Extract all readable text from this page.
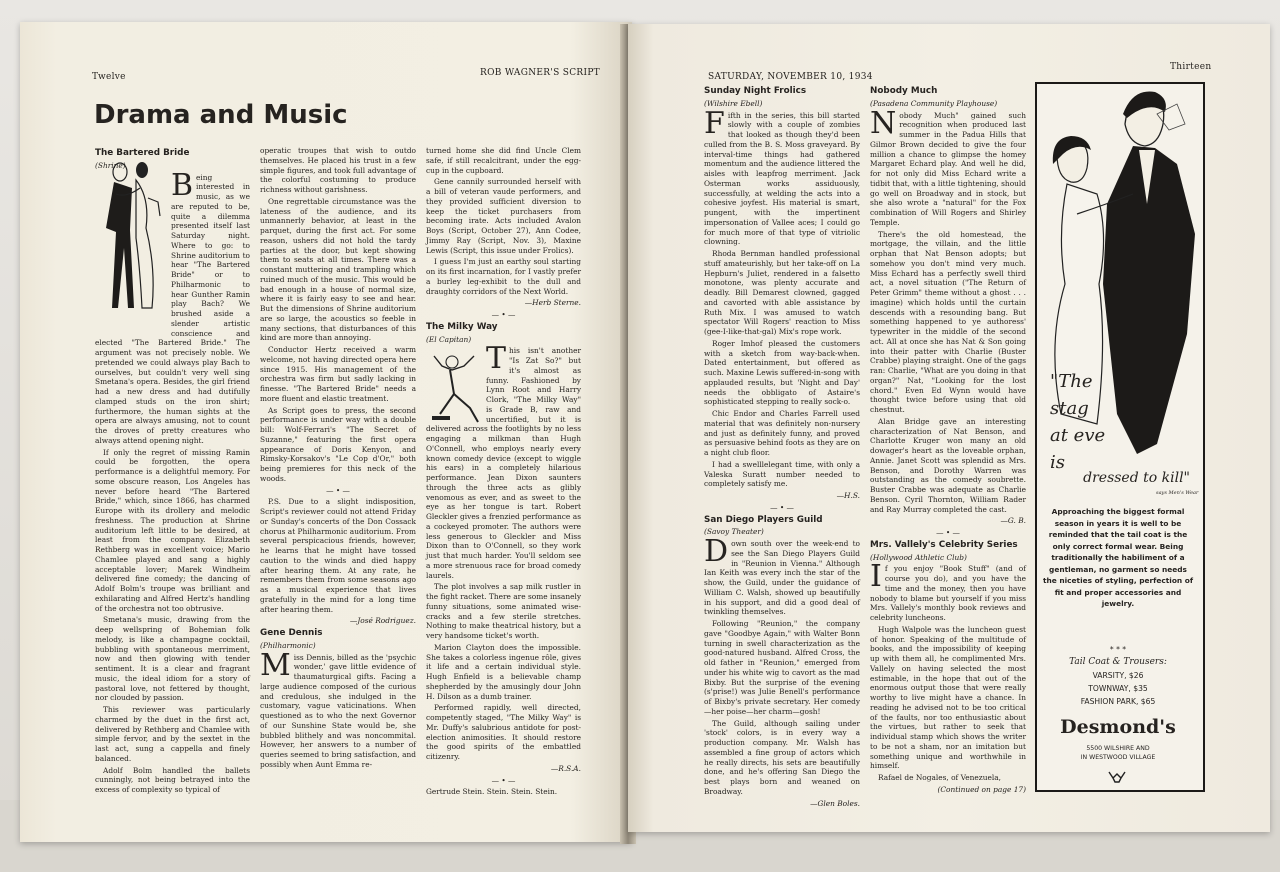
Twelve	ROB WAGNER'S SCRIPT
Drama and Music

The Bartered Bride

(Shrine)

Being interested in music, as we are reputed to be, quite a dilemma presented itself last Saturday night. Where to go: to Shrine auditorium to hear "The Bartered Bride" or to Philharmonic to hear Gunther Ramin play Bach? We brushed aside a slender artistic conscience and elected "The Bartered Bride." The argument was not precisely noble. We pretended we could always play Bach to ourselves, but couldn't very well sing Smetana's opera. Besides, the girl friend had a new dress and had dutifully clamped studs on the iron shirt; furthermore, the human sights at the opera are always amusing, not to count the droves of pretty creatures who always attend opening night.

If only the regret of missing Ramin could be forgotten, the opera performance is a delightful memory. For some obscure reason, Los Angeles has never before heard "The Bartered Bride," which, since 1866, has charmed Europe with its drollery and melodic freshness. The production at Shrine auditorium left little to be desired, at least from the company. Elizabeth Rethberg was in excellent voice; Mario Chamlee played and sang a highly acceptable lover; Marek Windheim delivered fine comedy; the dancing of Adolf Bolm's troupe was brilliant and exhilarating and Alfred Hertz's handling of the orchestra not too obtrusive.

Smetana's music, drawing from the deep wellspring of Bohemian folk melody, is like a champagne cocktail, bubbling with spontaneous merriment, now and then glowing with tender sentiment. It is a clear and fragrant music, the ideal idiom for a story of pastoral love, not fettered by thought, nor clouded by passion.

This reviewer was particularly charmed by the duet in the first act, delivered by Rethberg and Chamlee with simple fervor, and by the sextet in the last act, sung a cappella and finely balanced.

Adolf Bolm handled the ballets cunningly, not being betrayed into the excess of complexity so typical of

operatic troupes that wish to outdo themselves. He placed his trust in a few simple figures, and took full advantage of the colorful costuming to produce richness without garishness.

One regrettable circumstance was the lateness of the audience, and its unmannerly behavior, at least in the parquet, during the first act. For some reason, ushers did not hold the tardy parties at the door, but kept showing them to seats at all times. There was a constant muttering and trampling which ruined much of the music. This would be bad enough in a house of normal size, where it is fairly easy to see and hear. But the dimensions of Shrine auditorium are so large, the acoustics so feeble in many sections, that disturbances of this kind are more than annoying.

Conductor Hertz received a warm welcome, not having directed opera here since 1915. His management of the orchestra was firm but sadly lacking in finesse. "The Bartered Bride" needs a more fluent and elastic treatment.

As Script goes to press, the second performance is under way with a double bill: Wolf-Ferrari's "The Secret of Suzanne," featuring the first opera appearance of Doris Kenyon, and Rimsky-Korsakov's "Le Cop d'Or," both being premieres for this neck of the woods.

— • —

P.S. Due to a slight indisposition, Script's reviewer could not attend Friday or Sunday's concerts of the Don Cossack chorus at Philharmonic auditorium. From several perspicacious friends, however, he learns that he might have tossed caution to the winds and died happy after hearing them. At any rate, he remembers them from some seasons ago as a musical experience that lives gratefully in the mind for a long time after hearing them.

—José Rodriguez.

Gene Dennis

(Philharmonic)

Miss Dennis, billed as the 'psychic wonder,' gave little evidence of thaumaturgical gifts. Facing a large audience composed of the curious and credulous, she indulged in the customary, vague vaticinations. When questioned as to who the next Governor of our Sunshine State would be, she bubbled blithely and was noncommital. However, her answers to a number of queries seemed to bring satisfaction, and possibly when Aunt Emma re-

turned home she did find Uncle Clem safe, if still recalcitrant, under the egg-cup in the cupboard.

Gene cannily surrounded herself with a bill of veteran vaude performers, and they provided sufficient diversion to keep the ticket purchasers from becoming irate. Acts included Avalon Boys (Script, October 27), Ann Codee, Jimmy Ray (Script, Nov. 3), Maxine Lewis (Script, this issue under Frolics).

I guess I'm just an earthy soul starting on its first incarnation, for I vastly prefer a burley leg-exhibit to the dull and draughty corridors of the Next World.

—Herb Sterne.

— • —

The Milky Way

(El Capitan)

This isn't another "Is Zat So?" but it's almost as funny. Fashioned by Lynn Root and Harry Clork, "The Milky Way" is Grade B, raw and uncertified, but it is delivered across the footlights by no less engaging a milkman than Hugh O'Connell, who employs nearly every known comedy device (except to wiggle his ears) in a completely hilarious performance. Jean Dixon saunters through the three acts as glibly venomous as ever, and as sweet to the eye as her tongue is tart. Robert Gleckler gives a frenzied performance as a cockeyed promoter. The authors were less generous to Gleckler and Miss Dixon than to O'Connell, so they work just that much harder. You'll seldom see a more strenuous race for broad comedy laurels.

The plot involves a sap milk rustler in the fight racket. There are some insanely funny situations, some animated wise-cracks and a few sterile stretches. Nothing to make theatrical history, but a very handsome ticket's worth.

Marion Clayton does the impossible. She takes a colorless ingenue rôle, gives it life and a certain individual style. Hugh Enfield is a believable champ shepherded by the amusingly dour John H. Dilson as a dumb trainer.

Performed rapidly, well directed, competently staged, "The Milky Way" is Mr. Duffy's salubrious antidote for post-election animosities. It should restore the good spirits of the embattled citizenry.

—R.S.A.

— • —

Gertrude Stein. Stein. Stein. Stein.

SATURDAY, NOVEMBER 10, 1934
Thirteen

Sunday Night Frolics

(Wilshire Ebell)

Fifth in the series, this bill started slowly with a couple of zombies that looked as though they'd been culled from the B. S. Moss graveyard. By interval-time things had gathered momentum and the audience littered the aisles with leapfrog merriment. Jack Osterman works assiduously, successfully, at welding the acts into a cohesive joyfest. His material is smart, pungent, with the impertinent impersonation of Vallee aces; I could go for much more of that type of vitriolic clowning.

Rhoda Bernman handled professional stuff amateurishly, but her take-off on La Hepburn's Juliet, rendered in a falsetto monotone, was plenty accurate and deadly. Bill Demarest clowned, gagged and cavorted with able assistance by Ruth Mix. I was amused to watch spectator Will Rogers' reaction to Miss (gee-I-like-that-gal) Mix's rope work.

Roger Imhof pleased the customers with a sketch from way-back-when. Dated entertainment, but offered as such. Maxine Lewis suffered-in-song with applauded results, but 'Night and Day' needs the obbligato of Astaire's sophisticated stepping to really sock-o.

Chic Endor and Charles Farrell used material that was definitely non-nursery and just as definitely funny, and proved as persuasive behind foots as they are on a night club floor.

I had a swelllelegant time, with only a Valeska Suratt number needed to completely satisfy me.

—H.S.

— • —

San Diego Players Guild

(Savoy Theater)

Down south over the week-end to see the San Diego Players Guild in "Reunion in Vienna." Although Ian Keith was every inch the star of the show, the Guild, under the guidance of William C. Walsh, showed up beautifully in his support, and did a good deal of twinkling themselves.

Following "Reunion," the company gave "Goodbye Again," with Walter Bonn turning in swell characterization as the good-natured husband. Alfred Cross, the old father in "Reunion," emerged from under his white wig to cavort as the mad Bixby. But the surprise of the evening (s'prise!) was Julie Benell's performance of Bixby's private secretary. Her comedy —her poise—her charm—gosh!

The Guild, although sailing under 'stock' colors, is in every way a production company. Mr. Walsh has assembled a fine group of actors which he really directs, his sets are beautifully done, and he's offering San Diego the best plays born and weaned on Broadway.

—Glen Boles.

Nobody Much

(Pasadena Community Playhouse)

Nobody Much" gained such recognition when produced last summer in the Padua Hills that Gilmor Brown decided to give the four million a chance to glimpse the homey Margaret Echard play. And well he did, for not only did Miss Echard write a tidbit that, with a little tightening, should go well on Broadway and in stock, but she also wrote a "natural" for the Fox combination of Will Rogers and Shirley Temple.

There's the old homestead, the mortgage, the villain, and the little orphan that Nat Benson adopts; but somehow you don't mind very much. Miss Echard has a perfectly swell third act, a novel situation ("The Return of Peter Grimm" theme without a ghost . . . imagine) which holds until the curtain descends with a resounding bang. But something happened to ye authoress' typewriter in the middle of the second act. All at once she has Nat & Son going into their patter with Charlie (Buster Crabbe) playing straight. One of the gags ran: Charlie, "What are you doing in that organ?" Nat, "Looking for the lost chord." Even Ed Wynn would have thought twice before using that old chestnut.

Alan Bridge gave an interesting characterization of Nat Benson, and Charlotte Kruger won many an old dowager's heart as the loveable orphan, Annie. Janet Scott was splendid as Mrs. Benson, and Dorothy Warren was outstanding as the comedy soubrette. Buster Crabbe was adequate as Charlie Benson. Cyril Thornton, William Rader and Ray Murray completed the cast.

—G. B.

— • —

Mrs. Vallely's Celebrity Series

(Hollywood Athletic Club)

If you enjoy "Book Stuff" (and of course you do), and you have the time and the money, then you have nobody to blame but yourself if you miss Mrs. Vallely's monthly book reviews and celebrity luncheons.

Hugh Walpole was the luncheon guest of honor. Speaking of the multitude of books, and the impossibility of keeping up with them all, he complimented Mrs. Vallely on having selected the most estimable, in the hope that out of the enormous output those that were really worthy to live might have a chance. In reading he advised not to be too critical of the faults, nor too enthusiastic about the virtues, but rather to seek that individual stamp which shows the writer to be not a sham, nor an imitation but something unique and worthwhile in himself.

Rafael de Nogales, of Venezuela,

(Continued on page 17)

"The
stag
at eve
is
dressed to kill"
says Men's Wear
Approaching the biggest formal season in years it is well to be reminded that the tail coat is the only correct formal wear. Being traditionally the habiliment of a gentleman, no garment so needs the niceties of styling, perfection of fit and proper accessories and jewelry.
* * *
Tail Coat & Trousers:
VARSITY, $26
TOWNWAY, $35
FASHION PARK, $65
Desmond's
5500 WILSHIRE AND
IN WESTWOOD VILLAGE
